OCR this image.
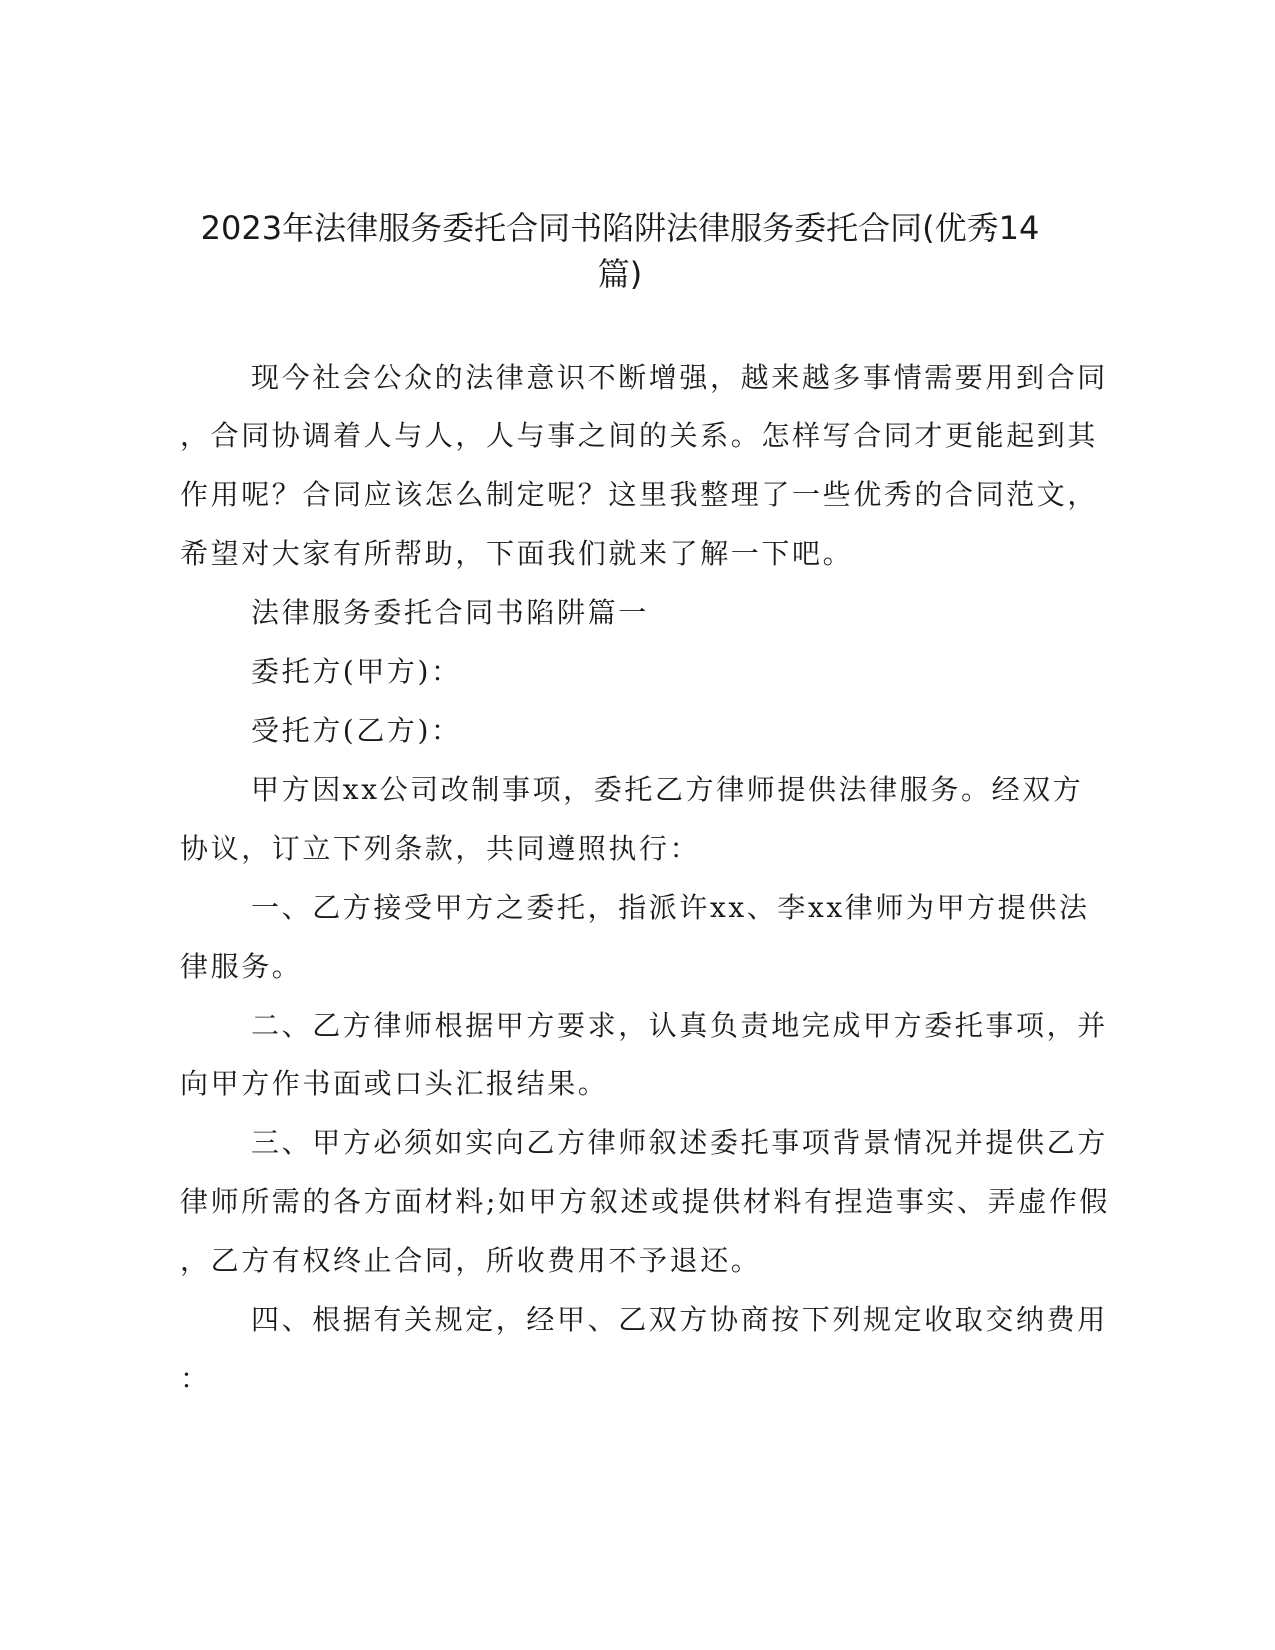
2023年法律服务委托合同书陷阱法律服务委托合同(优秀14
篇)
现今社会公众的法律意识不断增强，越来越多事情需要用到合同
，合同协调着人与人，人与事之间的关系。怎样写合同才更能起到其
作用呢？合同应该怎么制定呢？这里我整理了一些优秀的合同范文，
希望对大家有所帮助，下面我们就来了解一下吧。
法律服务委托合同书陷阱篇一
委托方(甲方)：
受托方(乙方)：
甲方因xx公司改制事项，委托乙方律师提供法律服务。经双方
协议，订立下列条款，共同遵照执行：
一、乙方接受甲方之委托，指派许xx、李xx律师为甲方提供法
律服务。
二、乙方律师根据甲方要求，认真负责地完成甲方委托事项，并
向甲方作书面或口头汇报结果。
三、甲方必须如实向乙方律师叙述委托事项背景情况并提供乙方
律师所需的各方面材料;如甲方叙述或提供材料有捏造事实、弄虚作假
，乙方有权终止合同，所收费用不予退还。
四、根据有关规定，经甲、乙双方协商按下列规定收取交纳费用
：
